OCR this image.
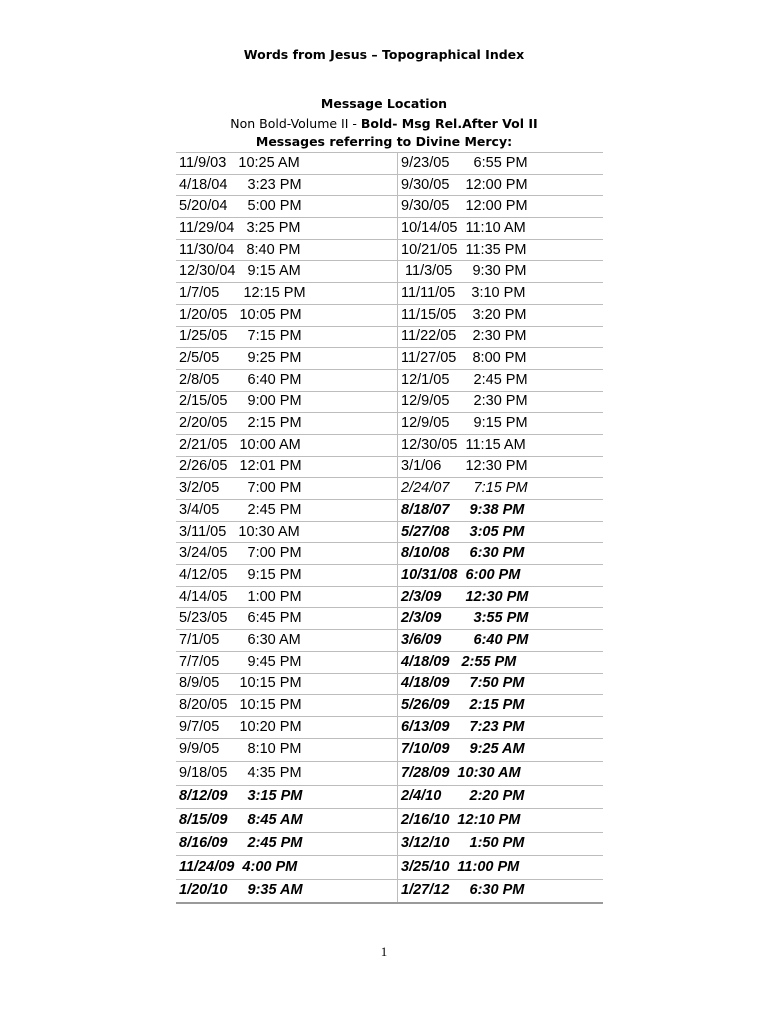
Words from Jesus – Topographical Index
Message Location
Non Bold-Volume II - Bold- Msg Rel.After Vol II
Messages referring to Divine Mercy:
11/9/03   10:25 AM	9/23/05      6:55 PM
4/18/04     3:23 PM	9/30/05    12:00 PM
5/20/04     5:00 PM	9/30/05    12:00 PM
11/29/04   3:25 PM	10/14/05  11:10 AM
11/30/04   8:40 PM	10/21/05  11:35 PM
12/30/04   9:15 AM	11/3/05     9:30 PM
1/7/05      12:15 PM	11/11/05    3:10 PM
1/20/05   10:05 PM	11/15/05    3:20 PM
1/25/05     7:15 PM	11/22/05    2:30 PM
2/5/05       9:25 PM	11/27/05    8:00 PM
2/8/05       6:40 PM	12/1/05      2:45 PM
2/15/05     9:00 PM	12/9/05      2:30 PM
2/20/05     2:15 PM	12/9/05      9:15 PM
2/21/05   10:00 AM	12/30/05  11:15 AM
2/26/05   12:01 PM	3/1/06      12:30 PM
3/2/05       7:00 PM	2/24/07      7:15 PM
3/4/05       2:45 PM	8/18/07     9:38 PM
3/11/05   10:30 AM	5/27/08     3:05 PM
3/24/05     7:00 PM	8/10/08     6:30 PM
4/12/05     9:15 PM	10/31/08  6:00 PM
4/14/05     1:00 PM	2/3/09      12:30 PM
5/23/05     6:45 PM	2/3/09        3:55 PM
7/1/05       6:30 AM	3/6/09        6:40 PM
7/7/05       9:45 PM	4/18/09   2:55 PM
8/9/05     10:15 PM	4/18/09     7:50 PM
8/20/05   10:15 PM	5/26/09     2:15 PM
9/7/05     10:20 PM	6/13/09     7:23 PM
9/9/05       8:10 PM	7/10/09     9:25 AM
9/18/05     4:35 PM	7/28/09  10:30 AM
8/12/09     3:15 PM	2/4/10       2:20 PM
8/15/09     8:45 AM	2/16/10  12:10 PM
8/16/09     2:45 PM	3/12/10     1:50 PM
11/24/09  4:00 PM	3/25/10  11:00 PM
1/20/10     9:35 AM	1/27/12     6:30 PM
1
